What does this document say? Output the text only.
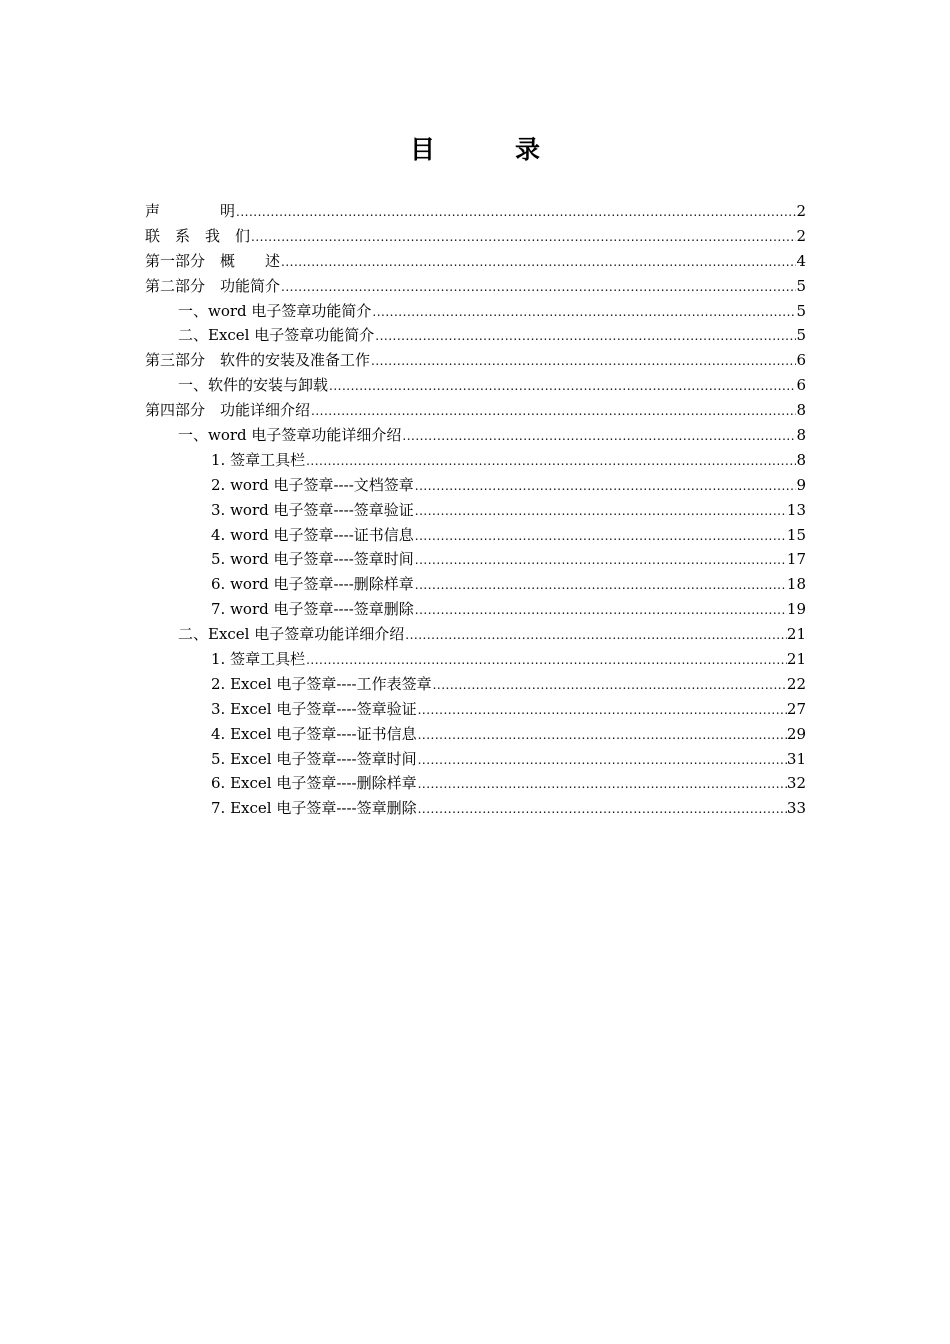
目录
声　　　　明 .....	2
联　系　我　们 .....	2
第一部分　概　　述 .....	4
第二部分　功能简介 .....	5
一、word 电子签章功能简介 .....	5
二、Excel 电子签章功能简介 .....	5
第三部分　软件的安装及准备工作 .....	6
一、软件的安装与卸载 .....	6
第四部分　功能详细介绍 .....	8
一、word 电子签章功能详细介绍 .....	8
1. 签章工具栏 .....	8
2. word 电子签章----文档签章 .....	9
3. word 电子签章----签章验证 .....	13
4. word 电子签章----证书信息 .....	15
5. word 电子签章----签章时间 .....	17
6. word 电子签章----删除样章 .....	18
7. word 电子签章----签章删除 .....	19
二、Excel 电子签章功能详细介绍 .....	21
1. 签章工具栏 .....	21
2. Excel 电子签章----工作表签章 .....	22
3. Excel 电子签章----签章验证 .....	27
4. Excel 电子签章----证书信息 .....	29
5. Excel 电子签章----签章时间 .....	31
6. Excel 电子签章----删除样章 .....	32
7. Excel 电子签章----签章删除 .....	33
